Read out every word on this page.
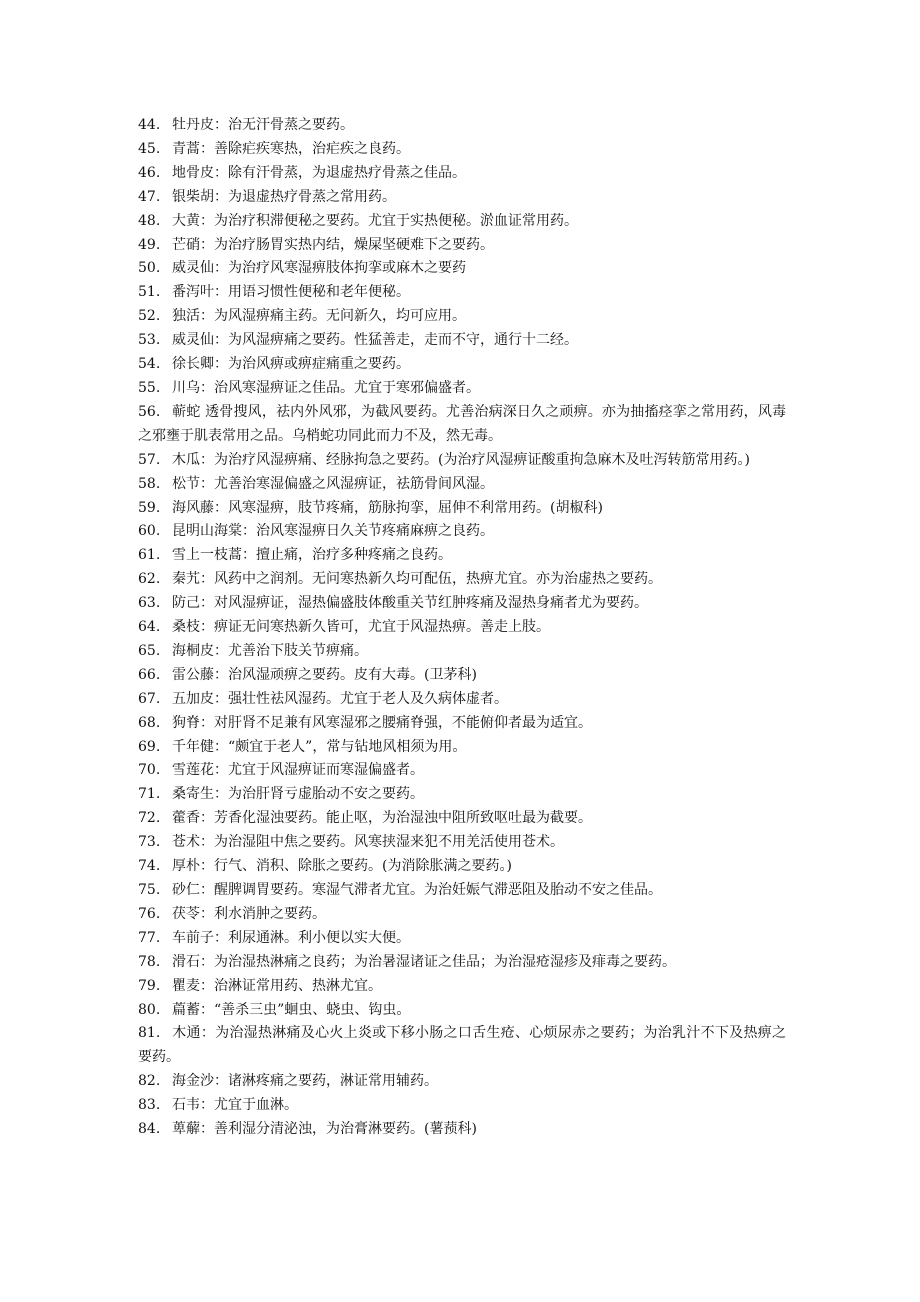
44. 牡丹皮：治无汗骨蒸之要药。

45. 青蒿：善除疟疾寒热，治疟疾之良药。

46. 地骨皮：除有汗骨蒸，为退虚热疗骨蒸之佳品。

47. 银柴胡：为退虚热疗骨蒸之常用药。

48. 大黄：为治疗积滞便秘之要药。尤宜于实热便秘。淤血证常用药。

49. 芒硝：为治疗肠胃实热内结，燥屎坚硬难下之要药。

50. 威灵仙：为治疗风寒湿痹肢体拘挛或麻木之要药

51. 番泻叶：用语习惯性便秘和老年便秘。

52. 独活：为风湿痹痛主药。无问新久，均可应用。

53. 威灵仙：为风湿痹痛之要药。性猛善走，走而不守，通行十二经。

54. 徐长卿：为治风痹或痹症痛重之要药。

55. 川乌：治风寒湿痹证之佳品。尤宜于寒邪偏盛者。

56. 蕲蛇 透骨搜风，祛内外风邪，为截风要药。尤善治病深日久之顽痹。亦为抽搐痉挛之常用药，风毒之邪壅于肌表常用之品。乌梢蛇功同此而力不及，然无毒。

57. 木瓜：为治疗风湿痹痛、经脉拘急之要药。(为治疗风湿痹证酸重拘急麻木及吐泻转筋常用药。)

58. 松节：尤善治寒湿偏盛之风湿痹证，祛筋骨间风湿。

59. 海风藤：风寒湿痹，肢节疼痛，筋脉拘挛，屈伸不利常用药。(胡椒科)

60. 昆明山海棠：治风寒湿痹日久关节疼痛麻痹之良药。

61. 雪上一枝蒿：擅止痛，治疗多种疼痛之良药。

62. 秦艽：风药中之润剂。无问寒热新久均可配伍，热痹尤宜。亦为治虚热之要药。

63. 防己：对风湿痹证，湿热偏盛肢体酸重关节红肿疼痛及湿热身痛者尤为要药。

64. 桑枝：痹证无问寒热新久皆可，尤宜于风湿热痹。善走上肢。

65. 海桐皮：尤善治下肢关节痹痛。

66. 雷公藤：治风湿顽痹之要药。皮有大毒。(卫茅科)

67. 五加皮：强壮性祛风湿药。尤宜于老人及久病体虚者。

68. 狗脊：对肝肾不足兼有风寒湿邪之腰痛脊强，不能俯仰者最为适宜。

69. 千年健：“颇宜于老人”，常与钻地风相须为用。

70. 雪莲花：尤宜于风湿痹证而寒湿偏盛者。

71. 桑寄生：为治肝肾亏虚胎动不安之要药。

72. 藿香：芳香化湿浊要药。能止呕，为治湿浊中阻所致呕吐最为截要。

73. 苍术：为治湿阻中焦之要药。风寒挟湿来犯不用羌活使用苍术。

74. 厚朴：行气、消积、除胀之要药。(为消除胀满之要药。)

75. 砂仁：醒脾调胃要药。寒湿气滞者尤宜。为治妊娠气滞恶阻及胎动不安之佳品。

76. 茯苓：利水消肿之要药。

77. 车前子：利尿通淋。利小便以实大便。

78. 滑石：为治湿热淋痛之良药；为治暑湿诸证之佳品；为治湿疮湿疹及痱毒之要药。

79. 瞿麦：治淋证常用药、热淋尤宜。

80. 萹蓄：“善杀三虫”蛔虫、蛲虫、钩虫。

81. 木通：为治湿热淋痛及心火上炎或下移小肠之口舌生疮、心烦尿赤之要药；为治乳汁不下及热痹之要药。

82. 海金沙：诸淋疼痛之要药，淋证常用辅药。

83. 石韦：尤宜于血淋。

84. 萆薢：善利湿分清泌浊，为治膏淋要药。(薯蓣科)
